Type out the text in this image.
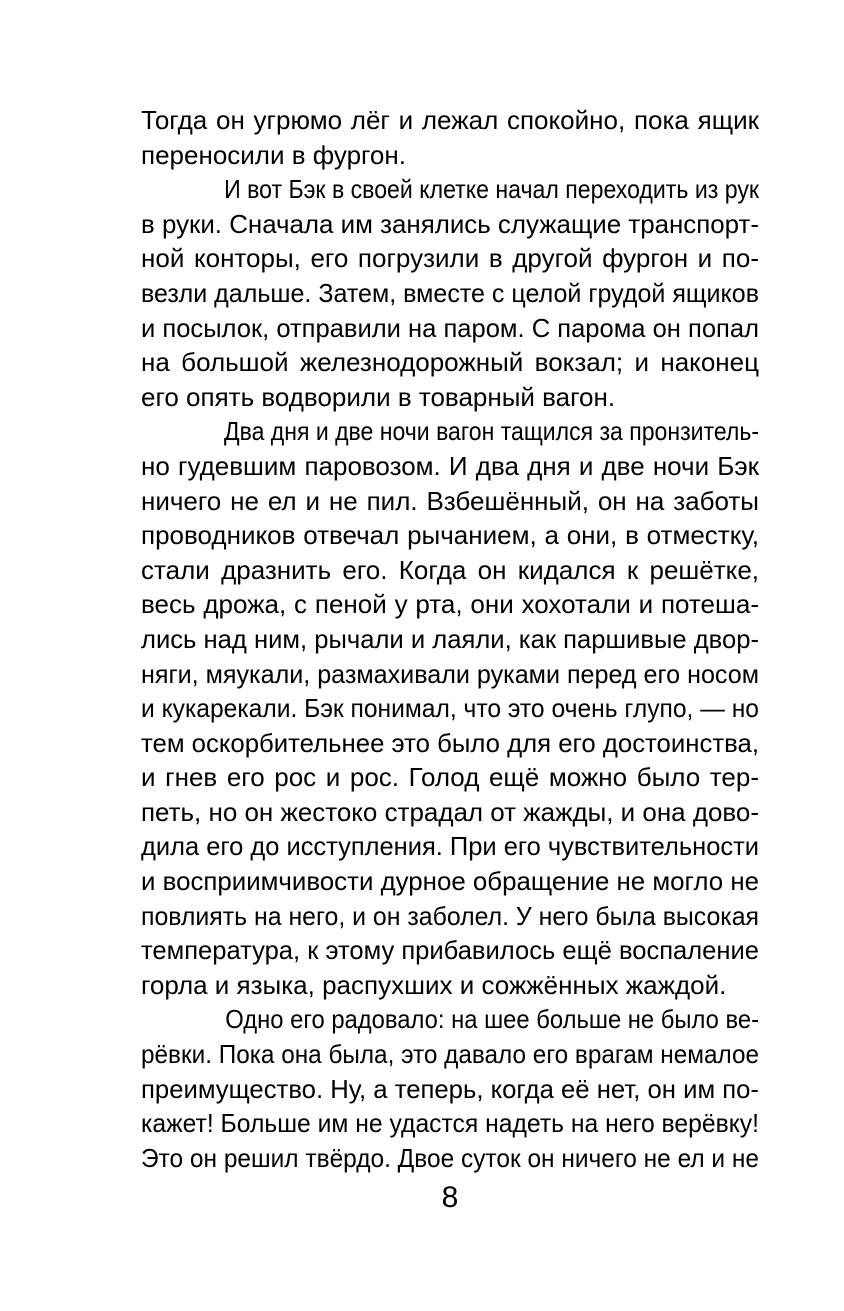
Тогда он угрюмо лёг и лежал спокойно, пока ящик
переносили в фургон.
И вот Бэк в своей клетке начал переходить из рук
в руки. Сначала им занялись служащие транспорт-
ной конторы, его погрузили в другой фургон и по-
везли дальше. Затем, вместе с целой грудой ящиков
и посылок, отправили на паром. С парома он попал
на большой железнодорожный вокзал; и наконец
его опять водворили в товарный вагон.
Два дня и две ночи вагон тащился за пронзитель-
но гудевшим паровозом. И два дня и две ночи Бэк
ничего не ел и не пил. Взбешённый, он на заботы
проводников отвечал рычанием, а они, в отместку,
стали дразнить его. Когда он кидался к решётке,
весь дрожа, с пеной у рта, они хохотали и потеша-
лись над ним, рычали и лаяли, как паршивые двор-
няги, мяукали, размахивали руками перед его носом
и кукарекали. Бэк понимал, что это очень глупо, — но
тем оскорбительнее это было для его достоинства,
и гнев его рос и рос. Голод ещё можно было тер-
петь, но он жестоко страдал от жажды, и она дово-
дила его до исступления. При его чувствительности
и восприимчивости дурное обращение не могло не
повлиять на него, и он заболел. У него была высокая
температура, к этому прибавилось ещё воспаление
горла и языка, распухших и сожжённых жаждой.
Одно его радовало: на шее больше не было ве-
рёвки. Пока она была, это давало его врагам немалое
преимущество. Ну, а теперь, когда её нет, он им по-
кажет! Больше им не удастся надеть на него верёвку!
Это он решил твёрдо. Двое суток он ничего не ел и не
8
